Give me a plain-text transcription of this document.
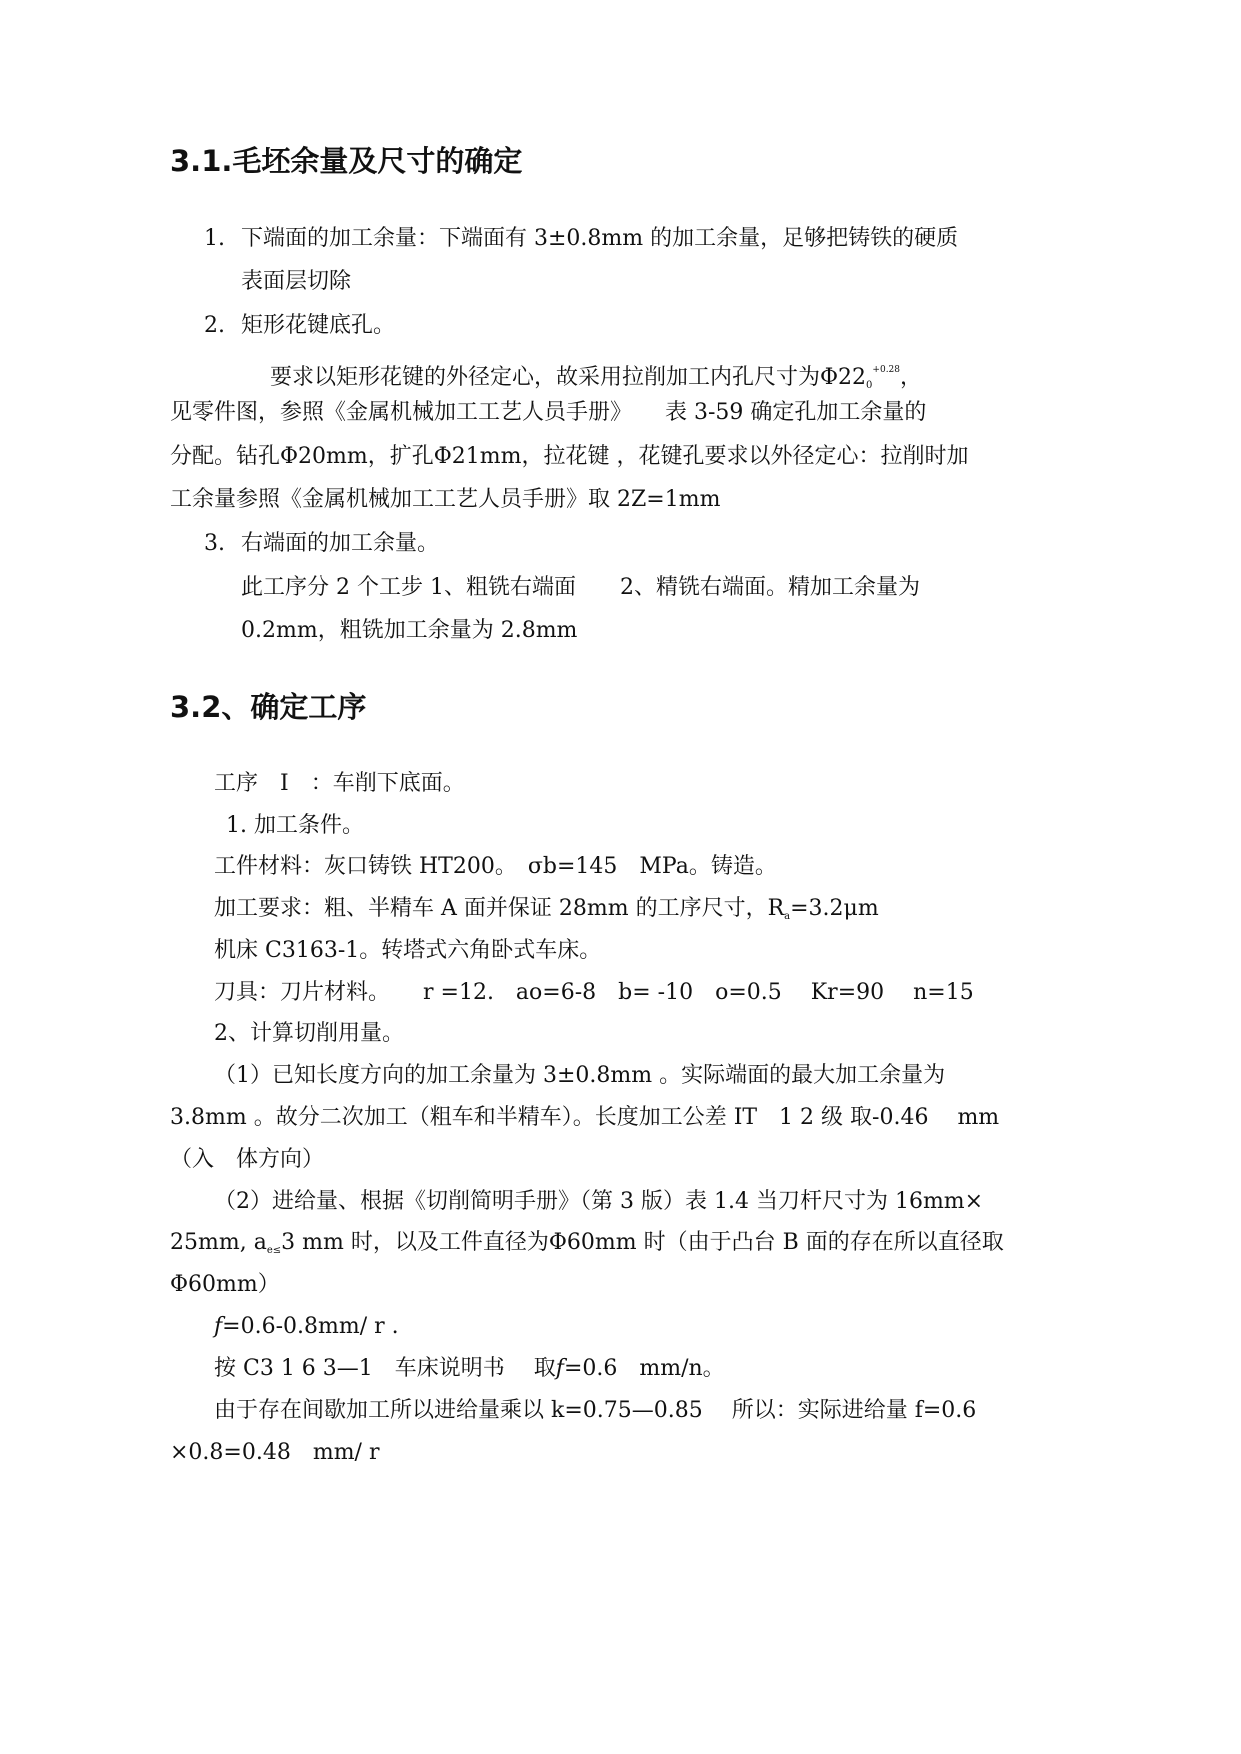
3.1.毛坯余量及尺寸的确定
1. 下端面的加工余量：下端面有 3±0.8mm 的加工余量，足够把铸铁的硬质
表面层切除
2. 矩形花键底孔。
要求以矩形花键的外径定心，故采用拉削加工内孔尺寸为$\Phi 22_0^{+0.28}$，
见零件图，参照《金属机械加工工艺人员手册》　　表 3-59 确定孔加工余量的
分配。钻孔Φ20mm，扩孔Φ21mm，拉花键 ，花键孔要求以外径定心：拉削时加
工余量参照《金属机械加工工艺人员手册》取 2Z=1mm
3. 右端面的加工余量。
此工序分 2 个工步 1、粗铣右端面　　2、精铣右端面。精加工余量为
0.2mm，粗铣加工余量为 2.8mm
3.2、确定工序
工序　Ⅰ　：车削下底面。
1. 加工条件。
工件材料：灰口铸铁 HT200。　σb=145　MPa。铸造。
加工要求：粗、半精车 A 面并保证 28mm 的工序尺寸，$R_a=3.2\mu m$
机床 C3163-1。转塔式六角卧式车床。
刀具：刀片材料。　　r =12.　ao=6-8　b= -10　o=0.5　 Kr=90　 n=15
2、计算切削用量。
（1）已知长度方向的加工余量为 3±0.8mm 。实际端面的最大加工余量为
3.8mm 。故分二次加工（粗车和半精车）。长度加工公差 IT　1 2 级 取-0.46　 mm
（入　体方向）
（2）进给量、根据《切削简明手册》（第 3 版）表 1.4 当刀杆尺寸为 16mm×
25mm, $a_{e\le}3$ mm 时，以及工件直径为Φ60mm 时（由于凸台 B 面的存在所以直径取
Φ60mm）
f=0.6-0.8mm/ r .
按 C3 1 6 3—1　车床说明书　 取f=0.6　mm/n。
由于存在间歇加工所以进给量乘以 k=0.75—0.85　 所以：实际进给量 f=0.6
×0.8=0.48　mm/ r
